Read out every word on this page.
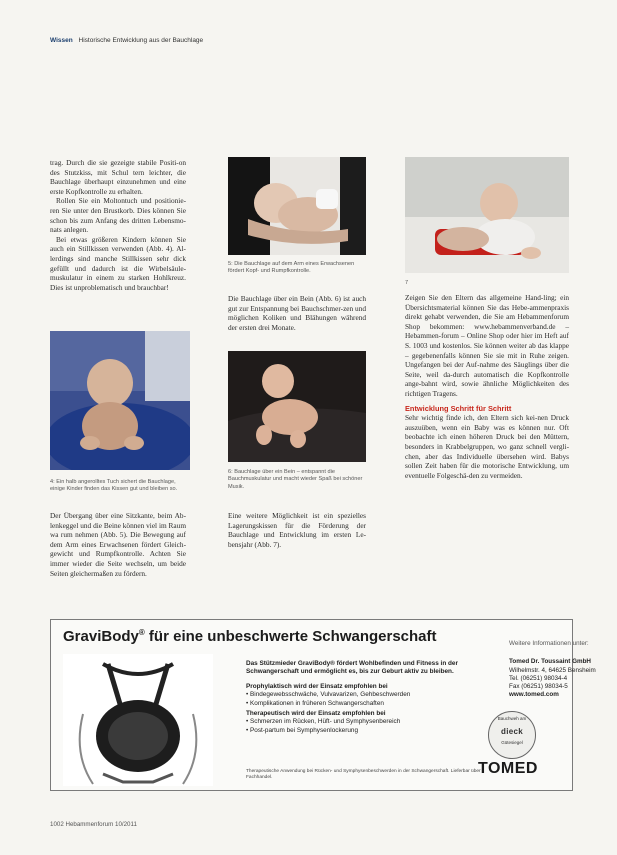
Wissen Historische Entwicklung aus der Bauchlage

trag. Durch die sie gezeigte stabile Positi-on des Stutzkiss, mit Schul tern leichter, die Bauchlage überhaupt einzunehmen und eine erste Kopfkontrolle zu erhalten.

Rollen Sie ein Moltontuch und positionie-ren Sie unter den Brustkorb. Dies können Sie schon bis zum Anfang des dritten Lebensmo-nats anlegen.

Bei etwas größeren Kindern können Sie auch ein Stillkissen verwenden (Abb. 4). Al-lerdings sind manche Stillkissen sehr dick gefüllt und dadurch ist die Wirbelsäule-muskulatur in einem zu starken Hohlkreuz. Dies ist unproblematisch und brauchbar!

4: Ein halb angerolltes Tuch sichert die Bauchlage, einige Kinder finden das Kissen gut und bleiben so.

Der Übergang über eine Sitzkante, beim Ab-lenkeggel und die Beine können viel im Raum wa rum nehmen (Abb. 5). Die Bewegung auf dem Arm eines Erwachsenen fördert Gleich-gewicht und Rumpfkontrolle. Achten Sie immer wieder die Seite wechseln, um beide Seiten gleichermaßen zu fördern.

5: Die Bauchlage auf dem Arm eines Erwachsenen fördert Kopf- und Rumpfkontrolle.

Die Bauchlage über ein Bein (Abb. 6) ist auch gut zur Entspannung bei Bauchschmer-zen und möglichen Koliken und Blähungen während der ersten drei Monate.

6: Bauchlage über ein Bein – entspannt die Bauchmuskulatur und macht wieder Spaß bei schöner Musik.

Eine weitere Möglichkeit ist ein spezielles Lagerungskissen für die Förderung der Bauchlage und Entwicklung im ersten Le-bensjahr (Abb. 7).

7

Zeigen Sie den Eltern das allgemeine Hand-ling; ein Übersichtsmaterial können Sie das Hebe-ammenpraxis direkt gehabt verwenden, die Sie am Hebammenforum Shop bekommen: www.hebammenverband.de – Hebammen-forum – Online Shop oder hier im Heft auf S. 1003 und kostenlos. Sie können weiter ab das klappe – gegebenenfalls können Sie sie mit in Ruhe zeigen. Ungefangen bei der Auf-nahme des Säuglings über die Seite, weil da-durch automatisch die Kopfkontrolle ange-bahnt wird, sowie ähnliche Möglichkeiten des richtigen Tragens.

Entwicklung Schritt für Schritt

Sehr wichtig finde ich, den Eltern sich kei-nen Druck auszuüben, wenn ein Baby was es können nur. Oft beobachte ich einen höheren Druck bei den Müttern, besonders in Krabbelgruppen, wo ganz schnell vergli-chen, aber das Individuelle übersehen wird. Babys sollen Zeit haben für die motorische Entwicklung, um eventuelle Folgeschä-den zu vermeiden.

GraviBody® für eine unbeschwerte Schwangerschaft
Das Stützmieder GraviBody® fördert Wohlbefinden und Fitness in der Schwangerschaft und ermöglicht es, bis zur Geburt aktiv zu bleiben.
Prophylaktisch wird der Einsatz empfohlen bei
• Bindegewebsschwäche, Vulvavarizen, Gehbeschwerden
• Komplikationen in früheren Schwangerschaften
Therapeutisch wird der Einsatz empfohlen bei
• Schmerzen im Rücken, Hüft- und Symphysenbereich
• Post-partum bei Symphysenlockerung
Therapeutische Anwendung bei Rücken- und Symphysenbeschwerden in der Schwangerschaft. Lieferbar über Fachhandel.
Weitere Informationen unter:
Tomed Dr. Toussaint GmbH
Wilhelmstr. 4, 64625 Bensheim
Tel. (06251) 98034-4
Fax (06251) 98034-5
www.tomed.com
Bauchweh am
dieck
Gütesiegel
TOMED
1002 Hebammenforum 10/2011
